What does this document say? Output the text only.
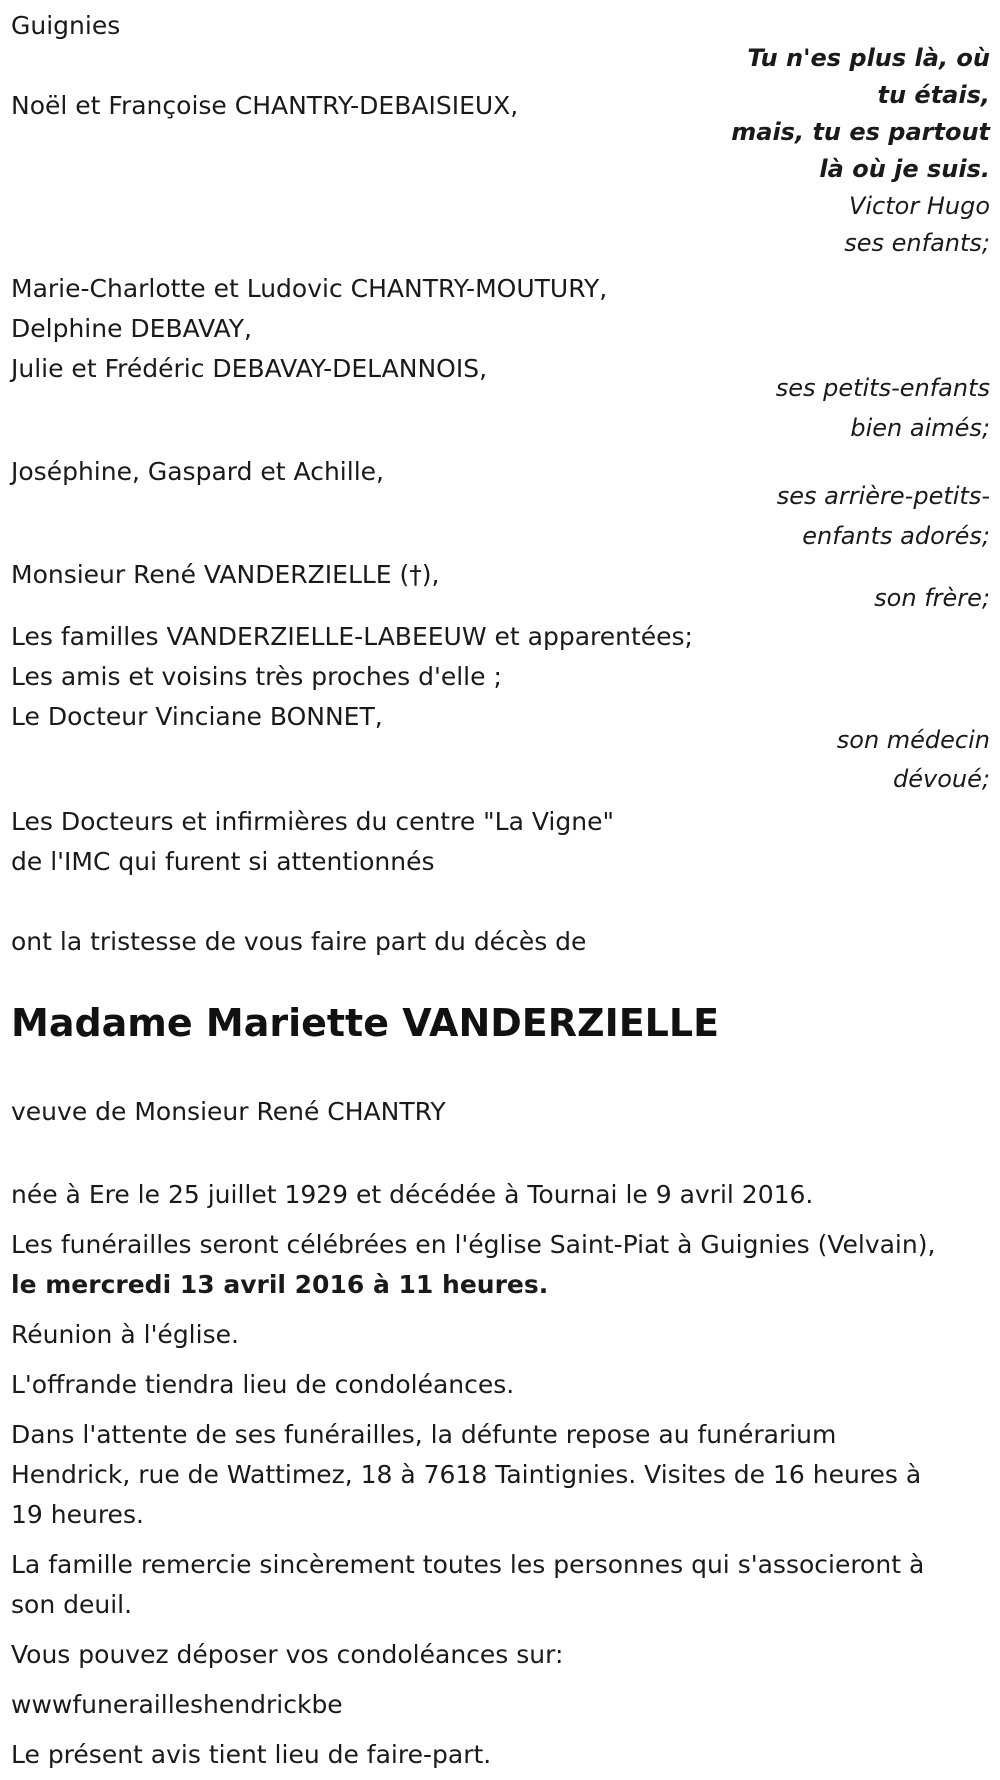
Guignies
Tu n'es plus là, où
tu étais,
mais, tu es partout
là où je suis.
Victor Hugo
Noël et Françoise CHANTRY-DEBAISIEUX,
ses enfants;
Marie-Charlotte et Ludovic CHANTRY-MOUTURY,
Delphine DEBAVAY,
Julie et Frédéric DEBAVAY-DELANNOIS,
ses petits-enfants
bien aimés;
Joséphine, Gaspard et Achille,
ses arrière-petits-
enfants adorés;
Monsieur René VANDERZIELLE (†),
son frère;
Les familles VANDERZIELLE-LABEEUW et apparentées;
Les amis et voisins très proches d'elle ;
Le Docteur Vinciane BONNET,
son médecin
dévoué;
Les Docteurs et infirmières du centre "La Vigne"
de l'IMC qui furent si attentionnés
ont la tristesse de vous faire part du décès de
Madame Mariette VANDERZIELLE
veuve de Monsieur René CHANTRY
née à Ere le 25 juillet 1929 et décédée à Tournai le 9 avril 2016.
Les funérailles seront célébrées en l'église Saint-Piat à Guignies (Velvain),
le mercredi 13 avril 2016 à 11 heures.
Réunion à l'église.
L'offrande tiendra lieu de condoléances.
Dans l'attente de ses funérailles, la défunte repose au funérarium
Hendrick, rue de Wattimez, 18 à 7618 Taintignies. Visites de 16 heures à
19 heures.
La famille remercie sincèrement toutes les personnes qui s'associeront à
son deuil.
Vous pouvez déposer vos condoléances sur:
wwwfunerailleshendrickbe
Le présent avis tient lieu de faire-part.
